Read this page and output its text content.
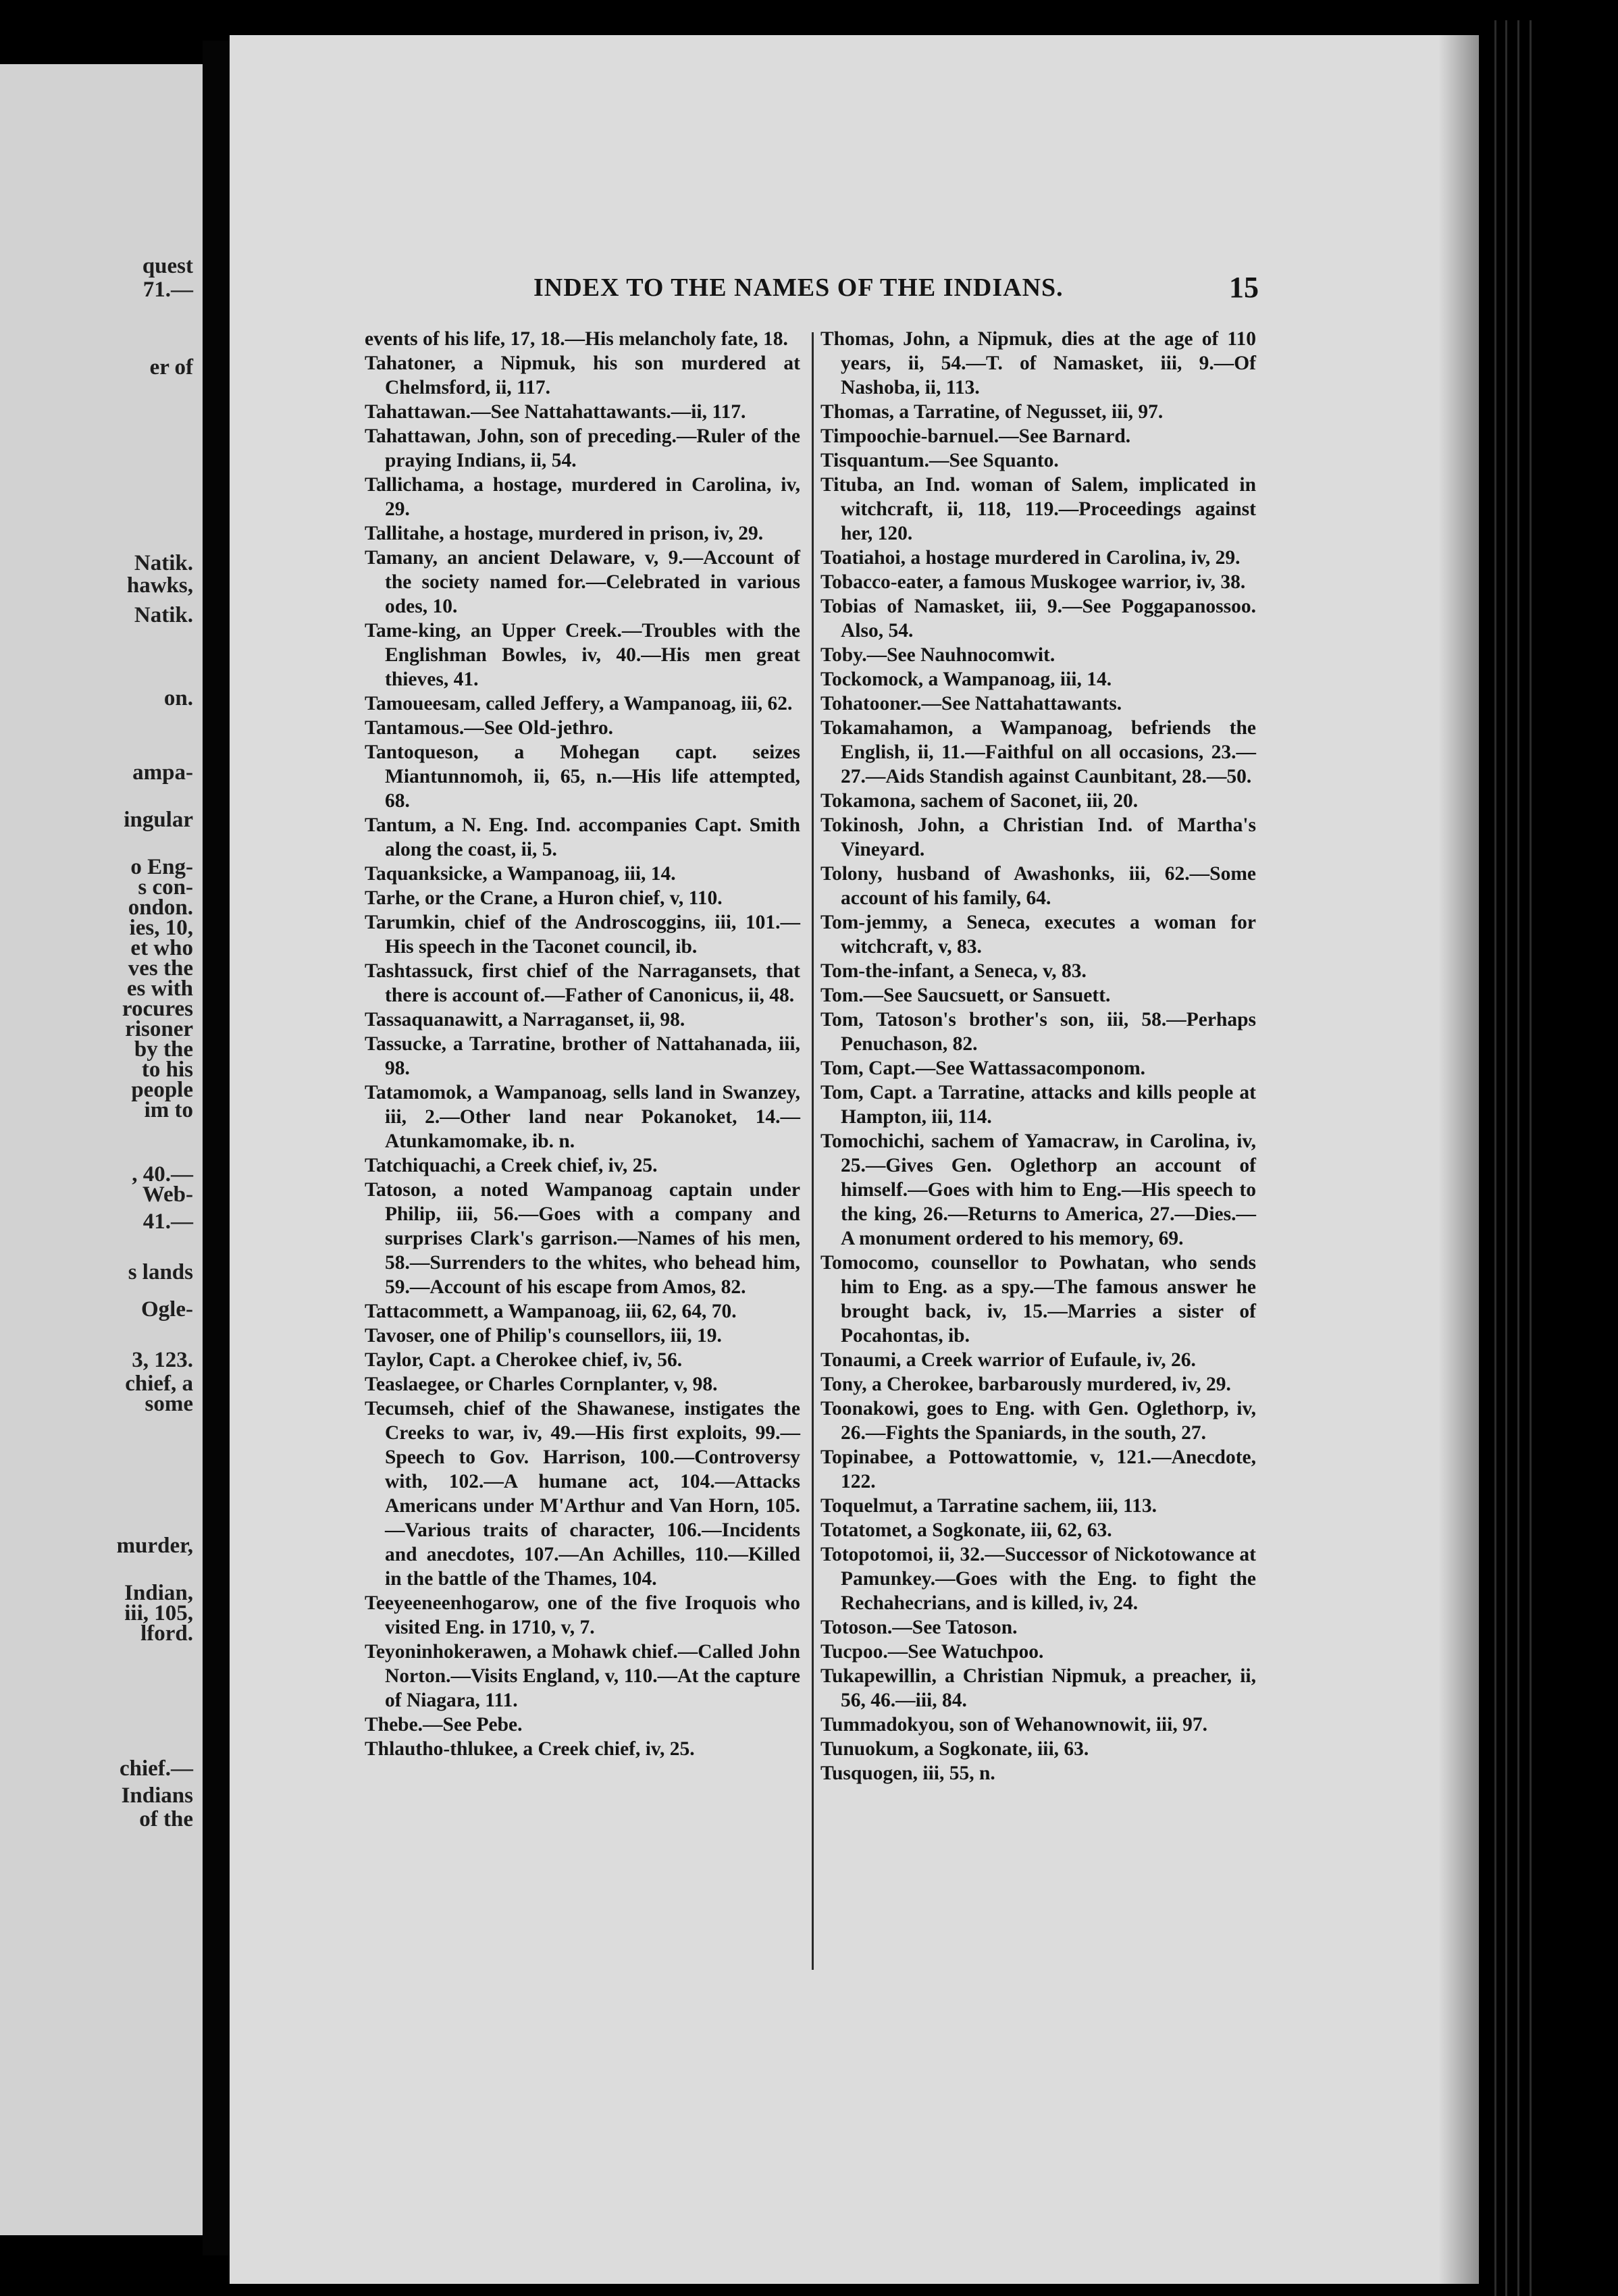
quest
71.—
er of
Natik.
hawks,
Natik.
on.
ampa-
ingular
o Eng-
s con-
ondon.
ies, 10,
et who
ves the
es with
rocures
risoner
by the
to his
people
im to
, 40.—
Web-
41.—
s lands
Ogle-
3, 123.
chief, a
some
murder,
Indian,
iii, 105,
lford.
chief.—
Indians
of the
INDEX TO THE NAMES OF THE INDIANS.	15

events of his life, 17, 18.—His melancholy fate, 18.

Tahatoner, a Nipmuk, his son murdered at Chelmsford, ii, 117.

Tahattawan.—See Nattahattawants.—ii, 117.

Tahattawan, John, son of preceding.—Ruler of the praying Indians, ii, 54.

Tallichama, a hostage, murdered in Carolina, iv, 29.

Tallitahe, a hostage, murdered in prison, iv, 29.

Tamany, an ancient Delaware, v, 9.—Account of the society named for.—Celebrated in various odes, 10.

Tame-king, an Upper Creek.—Troubles with the Englishman Bowles, iv, 40.—His men great thieves, 41.

Tamoueesam, called Jeffery, a Wampanoag, iii, 62.

Tantamous.—See Old-jethro.

Tantoqueson, a Mohegan capt. seizes Miantunnomoh, ii, 65, n.—His life attempted, 68.

Tantum, a N. Eng. Ind. accompanies Capt. Smith along the coast, ii, 5.

Taquanksicke, a Wampanoag, iii, 14.

Tarhe, or the Crane, a Huron chief, v, 110.

Tarumkin, chief of the Androscoggins, iii, 101.—His speech in the Taconet council, ib.

Tashtassuck, first chief of the Narragansets, that there is account of.—Father of Canonicus, ii, 48.

Tassaquanawitt, a Narraganset, ii, 98.

Tassucke, a Tarratine, brother of Nattahanada, iii, 98.

Tatamomok, a Wampanoag, sells land in Swanzey, iii, 2.—Other land near Pokanoket, 14.—Atunkamomake, ib. n.

Tatchiquachi, a Creek chief, iv, 25.

Tatoson, a noted Wampanoag captain under Philip, iii, 56.—Goes with a company and surprises Clark's garrison.—Names of his men, 58.—Surrenders to the whites, who behead him, 59.—Account of his escape from Amos, 82.

Tattacommett, a Wampanoag, iii, 62, 64, 70.

Tavoser, one of Philip's counsellors, iii, 19.

Taylor, Capt. a Cherokee chief, iv, 56.

Teaslaegee, or Charles Cornplanter, v, 98.

Tecumseh, chief of the Shawanese, instigates the Creeks to war, iv, 49.—His first exploits, 99.—Speech to Gov. Harrison, 100.—Controversy with, 102.—A humane act, 104.—Attacks Americans under M'Arthur and Van Horn, 105.—Various traits of character, 106.—Incidents and anecdotes, 107.—An Achilles, 110.—Killed in the battle of the Thames, 104.

Teeyeeneenhogarow, one of the five Iroquois who visited Eng. in 1710, v, 7.

Teyoninhokerawen, a Mohawk chief.—Called John Norton.—Visits England, v, 110.—At the capture of Niagara, 111.

Thebe.—See Pebe.

Thlautho-thlukee, a Creek chief, iv, 25.

Thomas, John, a Nipmuk, dies at the age of 110 years, ii, 54.—T. of Namasket, iii, 9.—Of Nashoba, ii, 113.

Thomas, a Tarratine, of Negusset, iii, 97.

Timpoochie-barnuel.—See Barnard.

Tisquantum.—See Squanto.

Tituba, an Ind. woman of Salem, implicated in witchcraft, ii, 118, 119.—Proceedings against her, 120.

Toatiahoi, a hostage murdered in Carolina, iv, 29.

Tobacco-eater, a famous Muskogee warrior, iv, 38.

Tobias of Namasket, iii, 9.—See Poggapanossoo. Also, 54.

Toby.—See Nauhnocomwit.

Tockomock, a Wampanoag, iii, 14.

Tohatooner.—See Nattahattawants.

Tokamahamon, a Wampanoag, befriends the English, ii, 11.—Faithful on all occasions, 23.—27.—Aids Standish against Caunbitant, 28.—50.

Tokamona, sachem of Saconet, iii, 20.

Tokinosh, John, a Christian Ind. of Martha's Vineyard.

Tolony, husband of Awashonks, iii, 62.—Some account of his family, 64.

Tom-jemmy, a Seneca, executes a woman for witchcraft, v, 83.

Tom-the-infant, a Seneca, v, 83.

Tom.—See Saucsuett, or Sansuett.

Tom, Tatoson's brother's son, iii, 58.—Perhaps Penuchason, 82.

Tom, Capt.—See Wattassacomponom.

Tom, Capt. a Tarratine, attacks and kills people at Hampton, iii, 114.

Tomochichi, sachem of Yamacraw, in Carolina, iv, 25.—Gives Gen. Oglethorp an account of himself.—Goes with him to Eng.—His speech to the king, 26.—Returns to America, 27.—Dies.—A monument ordered to his memory, 69.

Tomocomo, counsellor to Powhatan, who sends him to Eng. as a spy.—The famous answer he brought back, iv, 15.—Marries a sister of Pocahontas, ib.

Tonaumi, a Creek warrior of Eufaule, iv, 26.

Tony, a Cherokee, barbarously murdered, iv, 29.

Toonakowi, goes to Eng. with Gen. Oglethorp, iv, 26.—Fights the Spaniards, in the south, 27.

Topinabee, a Pottowattomie, v, 121.—Anecdote, 122.

Toquelmut, a Tarratine sachem, iii, 113.

Totatomet, a Sogkonate, iii, 62, 63.

Totopotomoi, ii, 32.—Successor of Nickotowance at Pamunkey.—Goes with the Eng. to fight the Rechahecrians, and is killed, iv, 24.

Totoson.—See Tatoson.

Tucpoo.—See Watuchpoo.

Tukapewillin, a Christian Nipmuk, a preacher, ii, 56, 46.—iii, 84.

Tummadokyou, son of Wehanownowit, iii, 97.

Tunuokum, a Sogkonate, iii, 63.

Tusquogen, iii, 55, n.
